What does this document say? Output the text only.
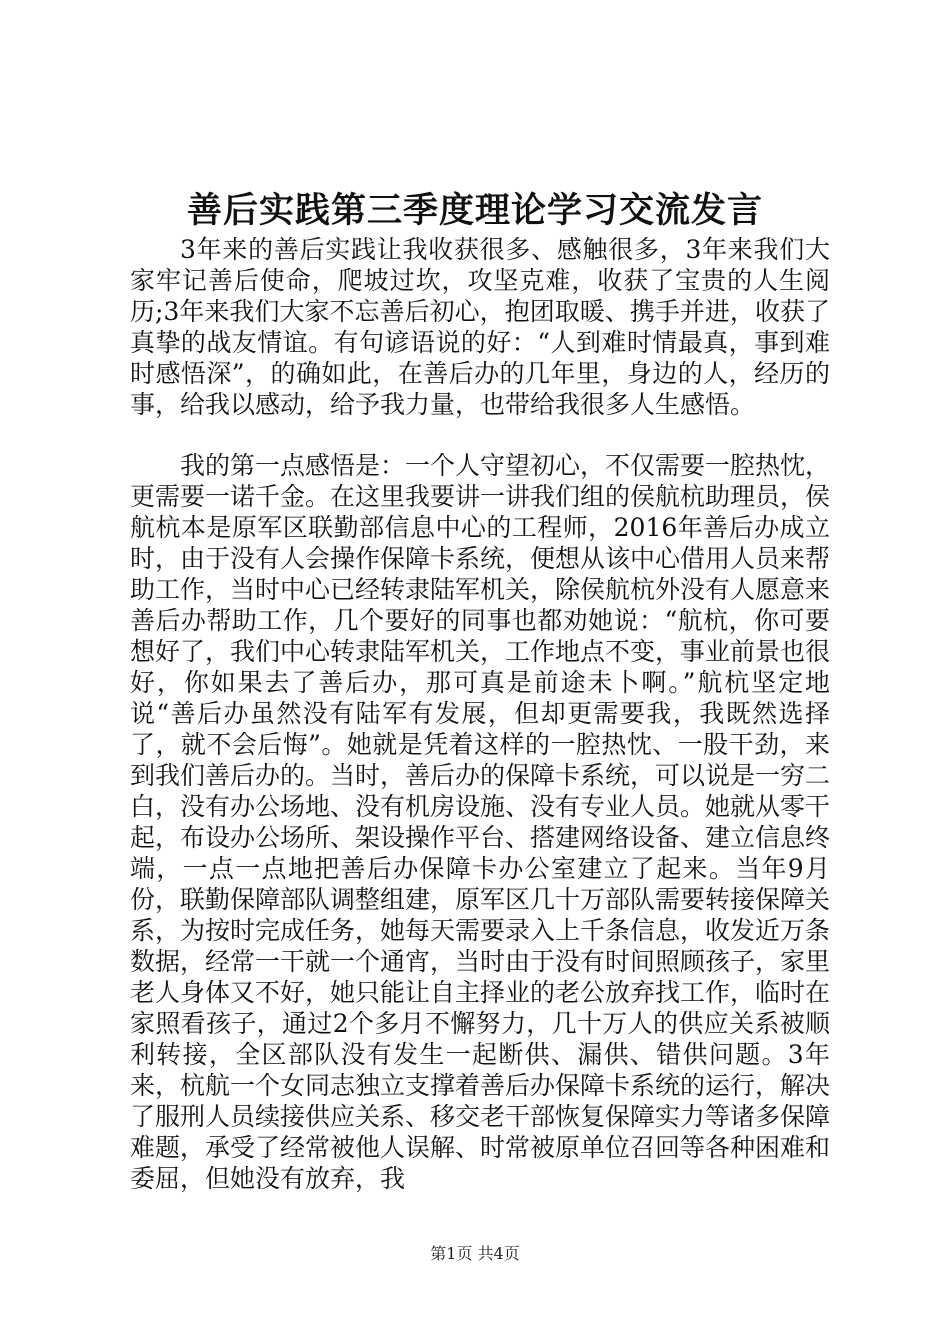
善后实践第三季度理论学习交流发言

3年来的善后实践让我收获很多、感触很多，3年来我们大家牢记善后使命，爬坡过坎，攻坚克难，收获了宝贵的人生阅历;3年来我们大家不忘善后初心，抱团取暖、携手并进，收获了真挚的战友情谊。有句谚语说的好：“人到难时情最真，事到难时感悟深”，的确如此，在善后办的几年里，身边的人，经历的事，给我以感动，给予我力量，也带给我很多人生感悟。

我的第一点感悟是：一个人守望初心，不仅需要一腔热忱，更需要一诺千金。在这里我要讲一讲我们组的侯航杭助理员，侯航杭本是原军区联勤部信息中心的工程师，2016年善后办成立时，由于没有人会操作保障卡系统，便想从该中心借用人员来帮助工作，当时中心已经转隶陆军机关，除侯航杭外没有人愿意来善后办帮助工作，几个要好的同事也都劝她说：“航杭，你可要想好了，我们中心转隶陆军机关，工作地点不变，事业前景也很好，你如果去了善后办，那可真是前途未卜啊。”航杭坚定地说“善后办虽然没有陆军有发展，但却更需要我，我既然选择了，就不会后悔”。她就是凭着这样的一腔热忱、一股干劲，来到我们善后办的。当时，善后办的保障卡系统，可以说是一穷二白，没有办公场地、没有机房设施、没有专业人员。她就从零干起，布设办公场所、架设操作平台、搭建网络设备、建立信息终端，一点一点地把善后办保障卡办公室建立了起来。当年9月份，联勤保障部队调整组建，原军区几十万部队需要转接保障关系，为按时完成任务，她每天需要录入上千条信息，收发近万条数据，经常一干就一个通宵，当时由于没有时间照顾孩子，家里老人身体又不好，她只能让自主择业的老公放弃找工作，临时在家照看孩子，通过2个多月不懈努力，几十万人的供应关系被顺利转接，全区部队没有发生一起断供、漏供、错供问题。3年来，杭航一个女同志独立支撑着善后办保障卡系统的运行，解决了服刑人员续接供应关系、移交老干部恢复保障实力等诸多保障难题，承受了经常被他人误解、时常被原单位召回等各种困难和委屈，但她没有放弃，我

第1页 共4页
